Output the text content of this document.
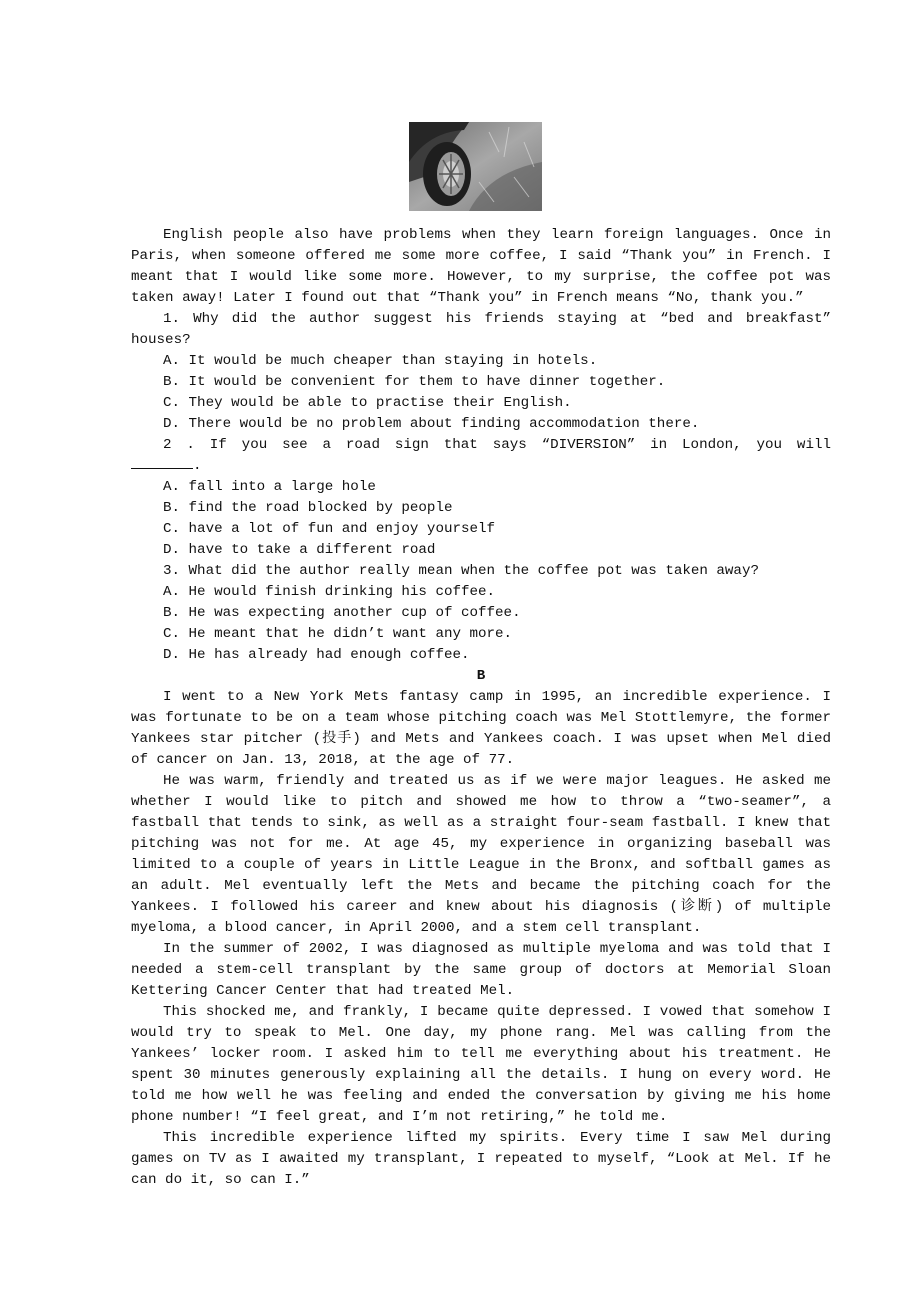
English people also have problems when they learn foreign languages. Once in Paris, when someone offered me some more coffee, I said “Thank you” in French. I meant that I would like some more. However, to my surprise, the coffee pot was taken away! Later I found out that “Thank you” in French means “No, thank you.”

1. Why did the author suggest his friends staying at “bed and breakfast” houses?

A. It would be much cheaper than staying in hotels.

B. It would be convenient for them to have dinner together.

C. They would be able to practise their English.

D. There would be no problem about finding accommodation there.

2 . If you see a road sign that says “DIVERSION” in London, you will

.

A. fall into a large hole

B. find the road blocked by people

C. have a lot of fun and enjoy yourself

D. have to take a different road

3. What did the author really mean when the coffee pot was taken away?

A. He would finish drinking his coffee.

B. He was expecting another cup of coffee.

C. He meant that he didn’t want any more.

D. He has already had enough coffee.

B

I went to a New York Mets fantasy camp in 1995, an incredible experience. I was fortunate to be on a team whose pitching coach was Mel Stottlemyre, the former Yankees star pitcher (投手) and Mets and Yankees coach. I was upset when Mel died of cancer on Jan. 13, 2018, at the age of 77.

He was warm, friendly and treated us as if we were major leagues. He asked me whether I would like to pitch and showed me how to throw a “two-seamer”, a fastball that tends to sink, as well as a straight four-seam fastball. I knew that pitching was not for me. At age 45, my experience in organizing baseball was limited to a couple of years in Little League in the Bronx, and softball games as an adult. Mel eventually left the Mets and became the pitching coach for the Yankees. I followed his career and knew about his diagnosis (诊断) of multiple myeloma, a blood cancer, in April 2000, and a stem cell transplant.

In the summer of 2002, I was diagnosed as multiple myeloma and was told that I needed a stem-cell transplant by the same group of doctors at Memorial Sloan Kettering Cancer Center that had treated Mel.

This shocked me, and frankly, I became quite depressed. I vowed that somehow I would try to speak to Mel. One day, my phone rang. Mel was calling from the Yankees’ locker room. I asked him to tell me everything about his treatment. He spent 30 minutes generously explaining all the details. I hung on every word. He told me how well he was feeling and ended the conversation by giving me his home phone number! “I feel great, and I’m not retiring,” he told me.

This incredible experience lifted my spirits. Every time I saw Mel during games on TV as I awaited my transplant, I repeated to myself, “Look at Mel. If he can do it, so can I.”
